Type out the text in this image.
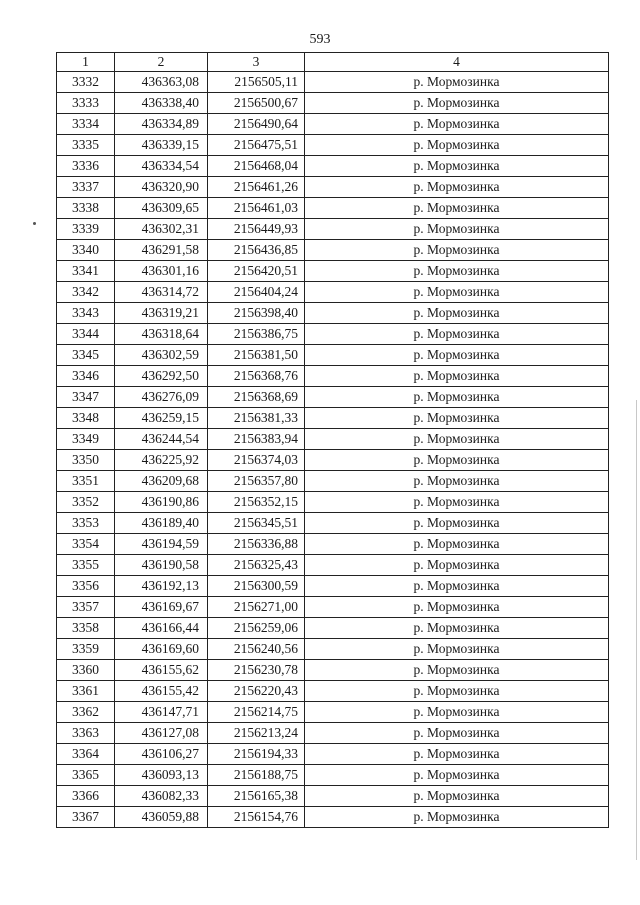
593
1	2	3	4
3332	436363,08	2156505,11	р. Мормозинка
3333	436338,40	2156500,67	р. Мормозинка
3334	436334,89	2156490,64	р. Мормозинка
3335	436339,15	2156475,51	р. Мормозинка
3336	436334,54	2156468,04	р. Мормозинка
3337	436320,90	2156461,26	р. Мормозинка
3338	436309,65	2156461,03	р. Мормозинка
3339	436302,31	2156449,93	р. Мормозинка
3340	436291,58	2156436,85	р. Мормозинка
3341	436301,16	2156420,51	р. Мормозинка
3342	436314,72	2156404,24	р. Мормозинка
3343	436319,21	2156398,40	р. Мормозинка
3344	436318,64	2156386,75	р. Мормозинка
3345	436302,59	2156381,50	р. Мормозинка
3346	436292,50	2156368,76	р. Мормозинка
3347	436276,09	2156368,69	р. Мормозинка
3348	436259,15	2156381,33	р. Мормозинка
3349	436244,54	2156383,94	р. Мормозинка
3350	436225,92	2156374,03	р. Мормозинка
3351	436209,68	2156357,80	р. Мормозинка
3352	436190,86	2156352,15	р. Мормозинка
3353	436189,40	2156345,51	р. Мормозинка
3354	436194,59	2156336,88	р. Мормозинка
3355	436190,58	2156325,43	р. Мормозинка
3356	436192,13	2156300,59	р. Мормозинка
3357	436169,67	2156271,00	р. Мормозинка
3358	436166,44	2156259,06	р. Мормозинка
3359	436169,60	2156240,56	р. Мормозинка
3360	436155,62	2156230,78	р. Мормозинка
3361	436155,42	2156220,43	р. Мормозинка
3362	436147,71	2156214,75	р. Мормозинка
3363	436127,08	2156213,24	р. Мормозинка
3364	436106,27	2156194,33	р. Мормозинка
3365	436093,13	2156188,75	р. Мормозинка
3366	436082,33	2156165,38	р. Мормозинка
3367	436059,88	2156154,76	р. Мормозинка
